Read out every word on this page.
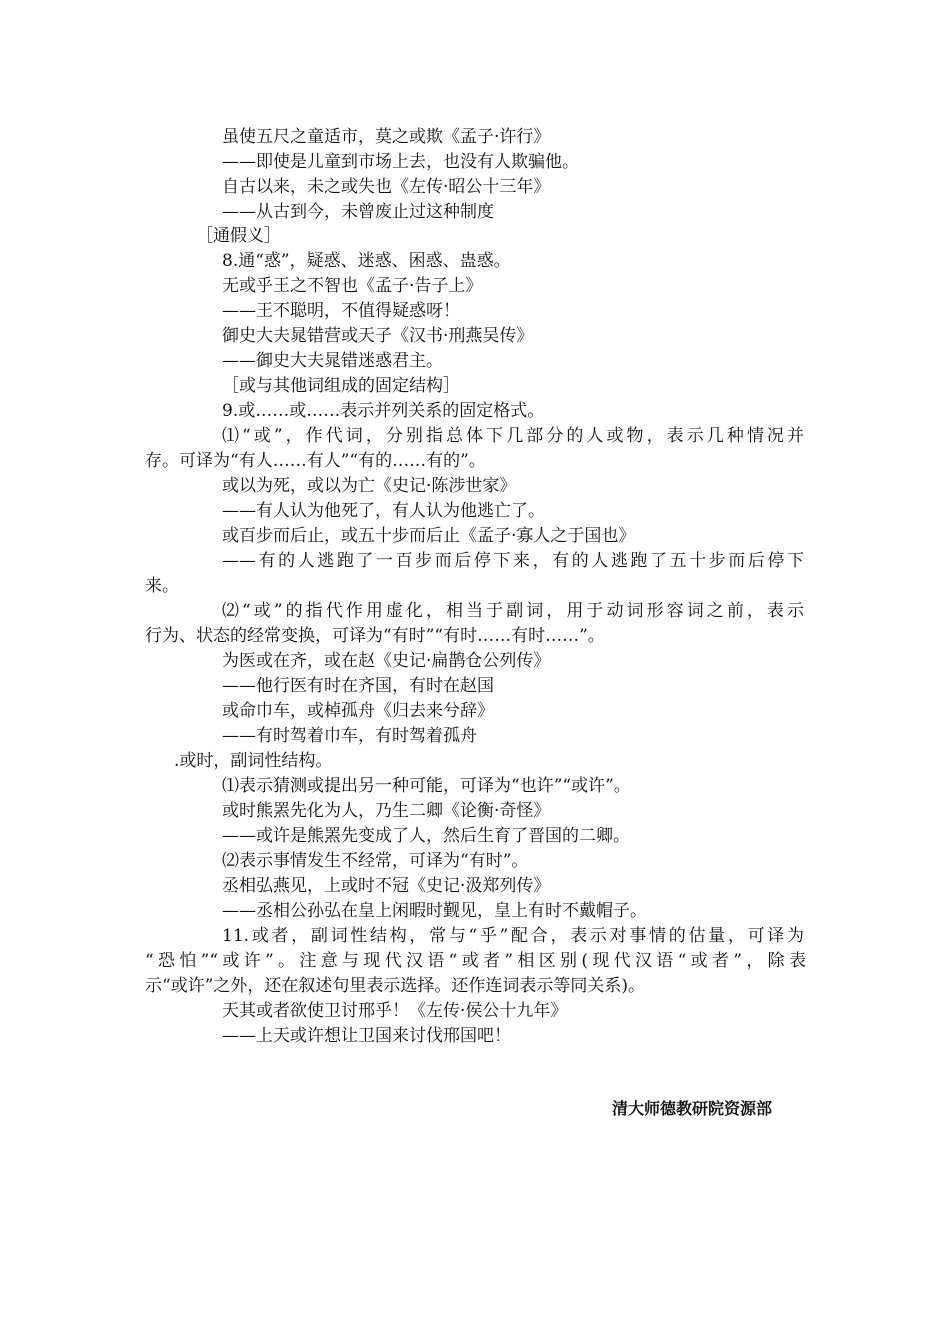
虽使五尺之童适市，莫之或欺《孟子·许行》
——即使是儿童到市场上去，也没有人欺骗他。
自古以来，未之或失也《左传·昭公十三年》
——从古到今，未曾废止过这种制度
［通假义］
8.通“惑”，疑惑、迷惑、困惑、蛊惑。
无或乎王之不智也《孟子·告子上》
——王不聪明，不值得疑惑呀！
御史大夫晁错营或天子《汉书·刑燕吴传》
——御史大夫晁错迷惑君主。
［或与其他词组成的固定结构］
9.或……或……表示并列关系的固定格式。
⑴“或”，作代词，分别指总体下几部分的人或物，表示几种情况并
存。可译为“有人……有人”“有的……有的”。
或以为死，或以为亡《史记·陈涉世家》
——有人认为他死了，有人认为他逃亡了。
或百步而后止，或五十步而后止《孟子·寡人之于国也》
——有的人逃跑了一百步而后停下来，有的人逃跑了五十步而后停下
来。
⑵“或”的指代作用虚化，相当于副词，用于动词形容词之前，表示
行为、状态的经常变换，可译为“有时”“有时……有时……”。
为医或在齐，或在赵《史记·扁鹊仓公列传》
——他行医有时在齐国，有时在赵国
或命巾车，或棹孤舟《归去来兮辞》
——有时驾着巾车，有时驾着孤舟
.或时，副词性结构。
⑴表示猜测或提出另一种可能，可译为“也许”“或许”。
或时熊罴先化为人，乃生二卿《论衡·奇怪》
——或许是熊罴先变成了人，然后生育了晋国的二卿。
⑵表示事情发生不经常，可译为“有时”。
丞相弘燕见，上或时不冠《史记·汲郑列传》
——丞相公孙弘在皇上闲暇时觐见，皇上有时不戴帽子。
11.或者，副词性结构，常与“乎”配合，表示对事情的估量，可译为
“恐怕”“或许”。注意与现代汉语“或者”相区别(现代汉语“或者”，除表
示“或许”之外，还在叙述句里表示选择。还作连词表示等同关系)。
天其或者欲使卫讨邢乎！《左传·侯公十九年》
——上天或许想让卫国来讨伐邢国吧！
清大师德教研院资源部
